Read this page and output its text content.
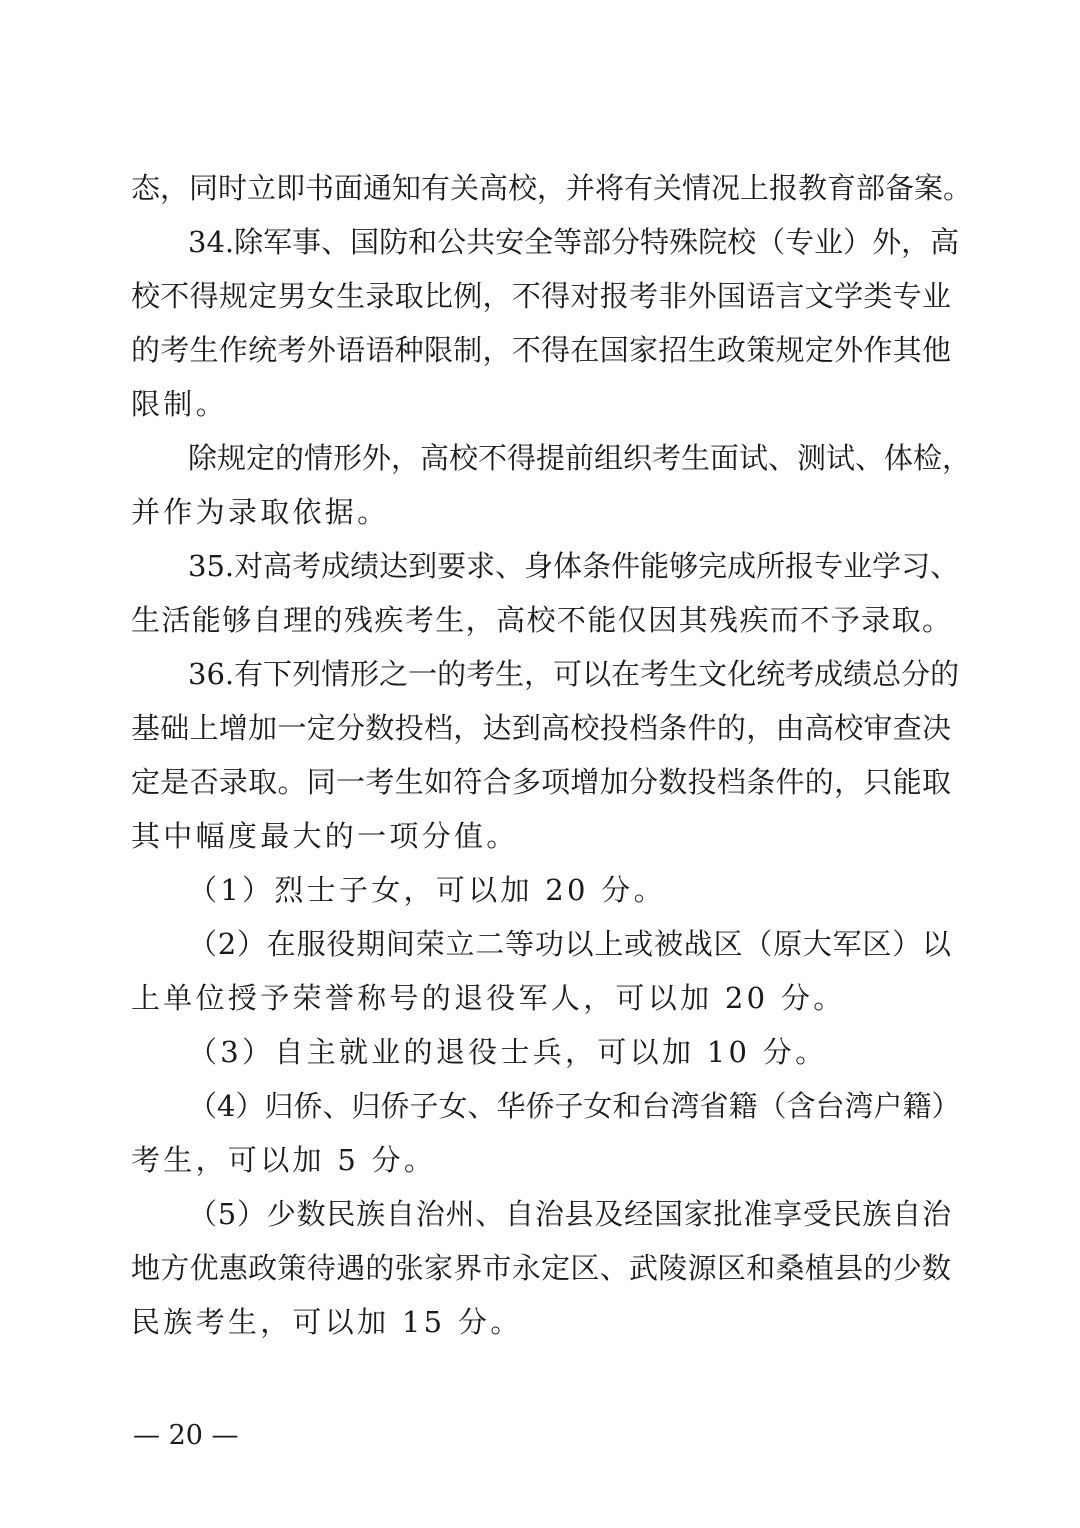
态，同时立即书面通知有关高校，并将有关情况上报教育部备案。
34.除军事、国防和公共安全等部分特殊院校（专业）外，高
校不得规定男女生录取比例，不得对报考非外国语言文学类专业
的考生作统考外语语种限制，不得在国家招生政策规定外作其他
限制。
除规定的情形外，高校不得提前组织考生面试、测试、体检，
并作为录取依据。
35.对高考成绩达到要求、身体条件能够完成所报专业学习、
生活能够自理的残疾考生，高校不能仅因其残疾而不予录取。
36.有下列情形之一的考生，可以在考生文化统考成绩总分的
基础上增加一定分数投档，达到高校投档条件的，由高校审查决
定是否录取。同一考生如符合多项增加分数投档条件的，只能取
其中幅度最大的一项分值。
（1）烈士子女，可以加 20 分。
（2）在服役期间荣立二等功以上或被战区（原大军区）以
上单位授予荣誉称号的退役军人，可以加 20 分。
（3）自主就业的退役士兵，可以加 10 分。
（4）归侨、归侨子女、华侨子女和台湾省籍（含台湾户籍）
考生，可以加 5 分。
（5）少数民族自治州、自治县及经国家批准享受民族自治
地方优惠政策待遇的张家界市永定区、武陵源区和桑植县的少数
民族考生，可以加 15 分。
— 20 —
